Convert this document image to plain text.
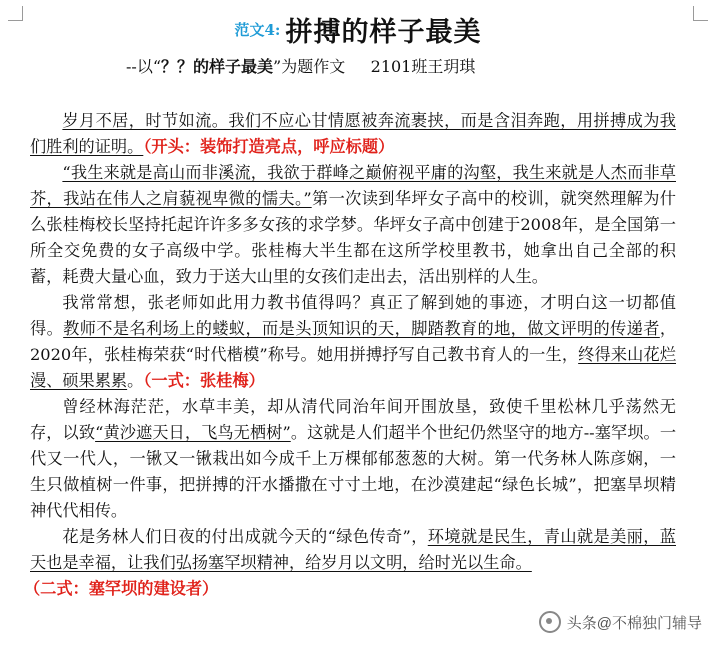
范文4: 拼搏的样子最美
--以“？？的样子最美”为题作文 2101班王玥琪

岁月不居，时节如流。我们不应心甘情愿被奔流裹挟，而是含泪奔跑，用拼搏成为我们胜利的证明。（开头：装饰打造亮点，呼应标题）

“我生来就是高山而非溪流，我欲于群峰之巅俯视平庸的沟壑，我生来就是人杰而非草芥，我站在伟人之肩藐视卑微的懦夫。”第一次读到华坪女子高中的校训，就突然理解为什么张桂梅校长坚持托起许许多多女孩的求学梦。华坪女子高中创建于2008年，是全国第一所全交免费的女子高级中学。张桂梅大半生都在这所学校里教书，她拿出自己全部的积蓄，耗费大量心血，致力于送大山里的女孩们走出去，活出别样的人生。

我常常想，张老师如此用力教书值得吗？真正了解到她的事迹，才明白这一切都值得。教师不是名利场上的蝼蚁，而是头顶知识的天，脚踏教育的地，做文评明的传递者，2020年，张桂梅荣获“时代楷模”称号。她用拼搏抒写自己教书育人的一生，终得来山花烂漫、硕果累累。（一式：张桂梅）

曾经林海茫茫，水草丰美，却从清代同治年间开围放垦，致使千里松林几乎荡然无存，以致“黄沙遮天日，飞鸟无栖树”。这就是人们超半个世纪仍然坚守的地方--塞罕坝。一代又一代人，一锹又一锹栽出如今成千上万棵郁郁葱葱的大树。第一代务林人陈彦娴，一生只做植树一件事，把拼搏的汗水播撒在寸寸土地，在沙漠建起“绿色长城”，把塞旱坝精神代代相传。

花是务林人们日夜的付出成就今天的“绿色传奇”，环境就是民生，青山就是美丽，蓝天也是幸福，让我们弘扬塞罕坝精神，给岁月以文明，给时光以生命。

（二式：塞罕坝的建设者）
头条@不棉独门辅导
